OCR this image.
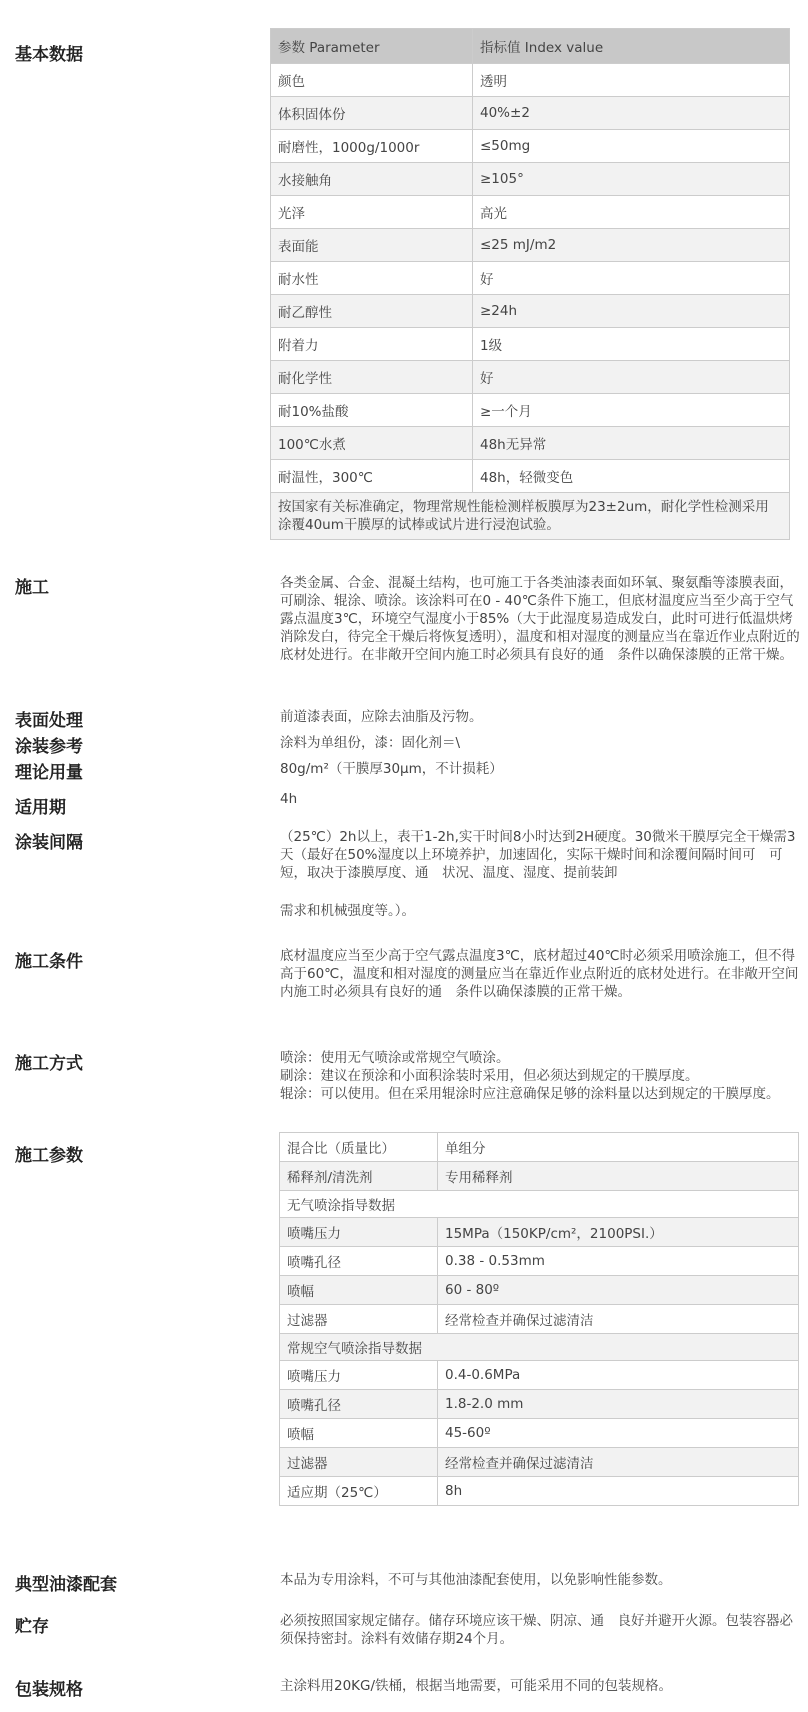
基本数据	参数 Parameter	指标值 Index value
颜色	透明
体积固体份	40%±2
耐磨性，1000g/1000r	≤50mg
水接触角	≥105°
光泽	高光
表面能	≤25 mJ/m2
耐水性	好
耐乙醇性	≥24h
附着力	1级
耐化学性	好
耐10%盐酸	≥一个月
100℃水煮	48h无异常
耐温性，300℃	48h，轻微变色
按国家有关标准确定，物理常规性能检测样板膜厚为23±2um，耐化学性检测采用涂覆40um干膜厚的试棒或试片进行浸泡试验。	
施工	各类金属、合金、混凝土结构，也可施工于各类油漆表面如环氧、聚氨酯等漆膜表面，可刷涂、辊涂、喷涂。该涂料可在0 - 40℃条件下施工，但底材温度应当至少高于空气露点温度3℃，环境空气湿度小于85%（大于此湿度易造成发白，此时可进行低温烘烤消除发白，待完全干燥后将恢复透明），温度和相对湿度的测量应当在靠近作业点附近的底材处进行。在非敞开空间内施工时必须具有良好的通　条件以确保漆膜的正常干燥。
表面处理	前道漆表面，应除去油脂及污物。
涂装参考	涂料为单组份，漆：固化剂＝\
理论用量	80g/m²（干膜厚30μm，不计损耗）
适用期	4h
涂装间隔	（25℃）2h以上，表干1-2h,实干时间8小时达到2H硬度。30微米干膜厚完全干燥需3天（最好在50%湿度以上环境养护，加速固化，实际干燥时间和涂覆间隔时间可　可短，取决于漆膜厚度、通　状况、温度、湿度、提前装卸
需求和机械强度等。）。
施工条件	底材温度应当至少高于空气露点温度3℃，底材超过40℃时必须采用喷涂施工，但不得高于60℃，温度和相对湿度的测量应当在靠近作业点附近的底材处进行。在非敞开空间内施工时必须具有良好的通　条件以确保漆膜的正常干燥。
施工方式	喷涂：使用无气喷涂或常规空气喷涂。
刷涂：建议在预涂和小面积涂装时采用，但必须达到规定的干膜厚度。
辊涂：可以使用。但在采用辊涂时应注意确保足够的涂料量以达到规定的干膜厚度。
施工参数	混合比（质量比）	单组分
稀释剂/清洗剂	专用稀释剂
无气喷涂指导数据	
喷嘴压力	15MPa（150KP/cm²，2100PSI.）
喷嘴孔径	0.38 - 0.53mm
喷幅	60 - 80º
过滤器	经常检查并确保过滤清洁
常规空气喷涂指导数据	
喷嘴压力	0.4-0.6MPa
喷嘴孔径	1.8-2.0 mm
喷幅	45-60º
过滤器	经常检查并确保过滤清洁
适应期（25℃）	8h
典型油漆配套	本品为专用涂料，不可与其他油漆配套使用，以免影响性能参数。
贮存	必须按照国家规定储存。储存环境应该干燥、阴凉、通　良好并避开火源。包装容器必须保持密封。涂料有效储存期24个月。
包装规格	主涂料用20KG/铁桶，根据当地需要，可能采用不同的包装规格。
